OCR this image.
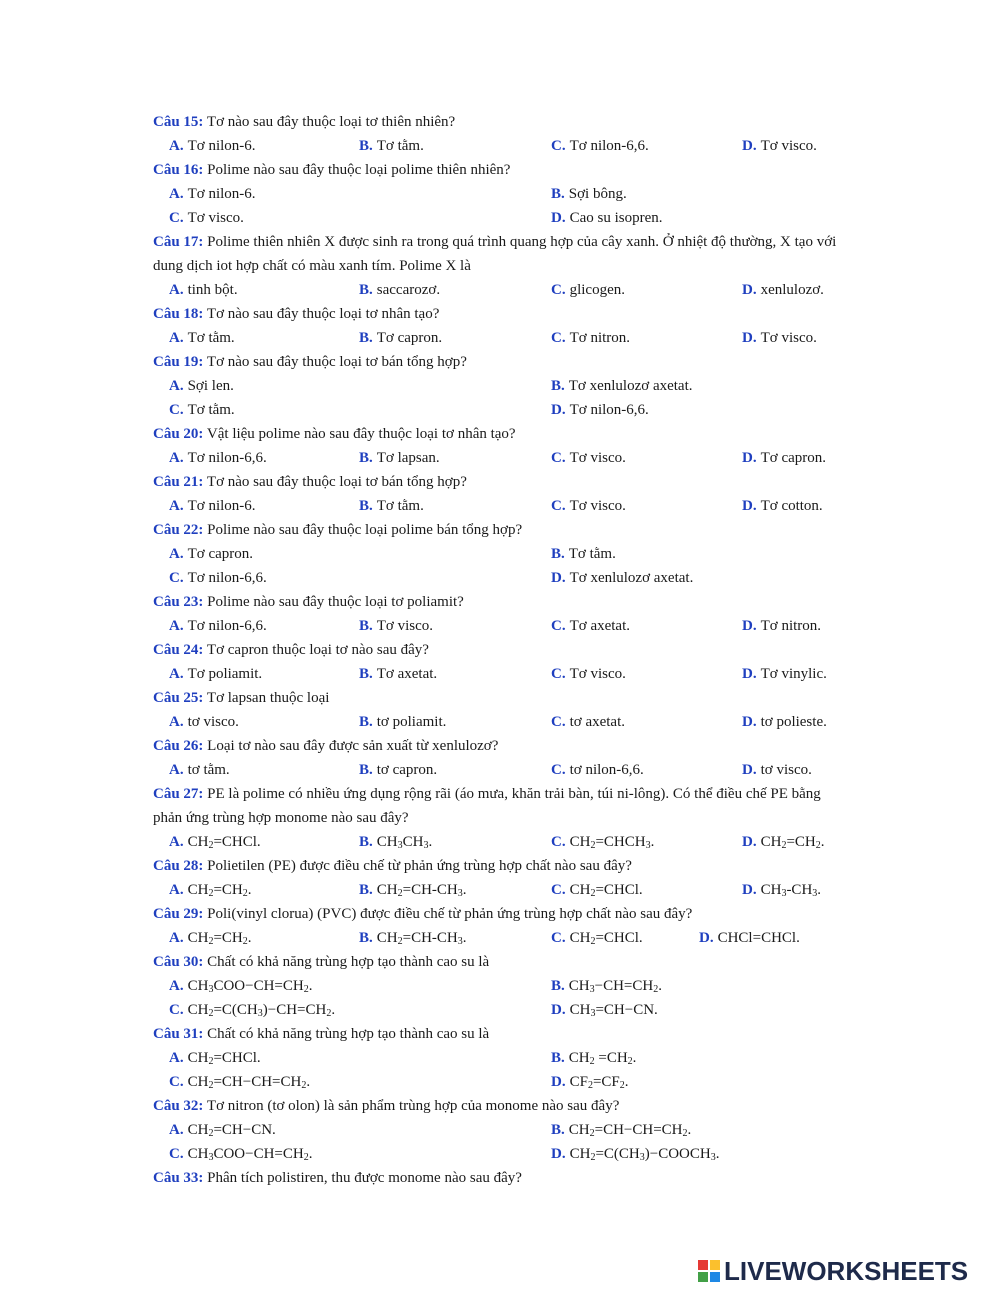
Câu 15: Tơ nào sau đây thuộc loại tơ thiên nhiên?

A. Tơ nilon-6.	B. Tơ tằm.	C. Tơ nilon-6,6.	D. Tơ visco.

Câu 16: Polime nào sau đây thuộc loại polime thiên nhiên?

A. Tơ nilon-6.	B. Sợi bông.
C. Tơ visco.	D. Cao su isopren.

Câu 17: Polime thiên nhiên X được sinh ra trong quá trình quang hợp của cây xanh. Ở nhiệt độ thường, X tạo với dung dịch iot hợp chất có màu xanh tím. Polime X là

A. tinh bột.	B. saccarozơ.	C. glicogen.	D. xenlulozơ.

Câu 18: Tơ nào sau đây thuộc loại tơ nhân tạo?

A. Tơ tằm.	B. Tơ capron.	C. Tơ nitron.	D. Tơ visco.

Câu 19: Tơ nào sau đây thuộc loại tơ bán tổng hợp?

A. Sợi len.	B. Tơ xenlulozơ axetat.
C. Tơ tằm.	D. Tơ nilon-6,6.

Câu 20: Vật liệu polime nào sau đây thuộc loại tơ nhân tạo?

A. Tơ nilon-6,6.	B. Tơ lapsan.	C. Tơ visco.	D. Tơ capron.

Câu 21: Tơ nào sau đây thuộc loại tơ bán tổng hợp?

A. Tơ nilon-6.	B. Tơ tằm.	C. Tơ visco.	D. Tơ cotton.

Câu 22: Polime nào sau đây thuộc loại polime bán tổng hợp?

A. Tơ capron.	B. Tơ tằm.
C. Tơ nilon-6,6.	D. Tơ xenlulozơ axetat.

Câu 23: Polime nào sau đây thuộc loại tơ poliamit?

A. Tơ nilon-6,6.	B. Tơ visco.	C. Tơ axetat.	D. Tơ nitron.

Câu 24: Tơ capron thuộc loại tơ nào sau đây?

A. Tơ poliamit.	B. Tơ axetat.	C. Tơ visco.	D. Tơ vinylic.

Câu 25: Tơ lapsan thuộc loại

A. tơ visco.	B. tơ poliamit.	C. tơ axetat.	D. tơ polieste.

Câu 26: Loại tơ nào sau đây được sản xuất từ xenlulozơ?

A. tơ tằm.	B. tơ capron.	C. tơ nilon-6,6.	D. tơ visco.

Câu 27: PE là polime có nhiều ứng dụng rộng rãi (áo mưa, khăn trải bàn, túi ni-lông). Có thể điều chế PE bằng phản ứng trùng hợp monome nào sau đây?

A. $CH_2=CHCl$.	B. $CH_3CH_3$.	C. $CH_2=CHCH_3$.	D. $CH_2=CH_2$.

Câu 28: Polietilen (PE) được điều chế từ phản ứng trùng hợp chất nào sau đây?

A. $CH_2=CH_2$.	B. $CH_2=CH-CH_3$.	C. $CH_2=CHCl$.	D. $CH_3-CH_3$.

Câu 29: Poli(vinyl clorua) (PVC) được điều chế từ phản ứng trùng hợp chất nào sau đây?

A. $CH_2=CH_2$.	B. $CH_2=CH-CH_3$.	C. $CH_2=CHCl$.	D. CHCl=CHCl.

Câu 30: Chất có khả năng trùng hợp tạo thành cao su là

A. $CH_3COO-CH=CH_2$.	B. $CH_3-CH=CH_2$.
C. $CH_2=C(CH_3)-CH=CH_2$.	D. $CH_3=CH-CN$.

Câu 31: Chất có khả năng trùng hợp tạo thành cao su là

A. $CH_2=CHCl$.	B. $CH_2 =CH_2$.
C. $CH_2=CH-CH=CH_2$.	D. $CF_2=CF_2$.

Câu 32: Tơ nitron (tơ olon) là sản phẩm trùng hợp của monome nào sau đây?

A. $CH_2=CH-CN$.	B. $CH_2=CH-CH=CH_2$.
C. $CH_3COO-CH=CH_2$.	D. $CH_2=C(CH_3)-COOCH_3$.

Câu 33: Phân tích polistiren, thu được monome nào sau đây?

LIVEWORKSHEETS
